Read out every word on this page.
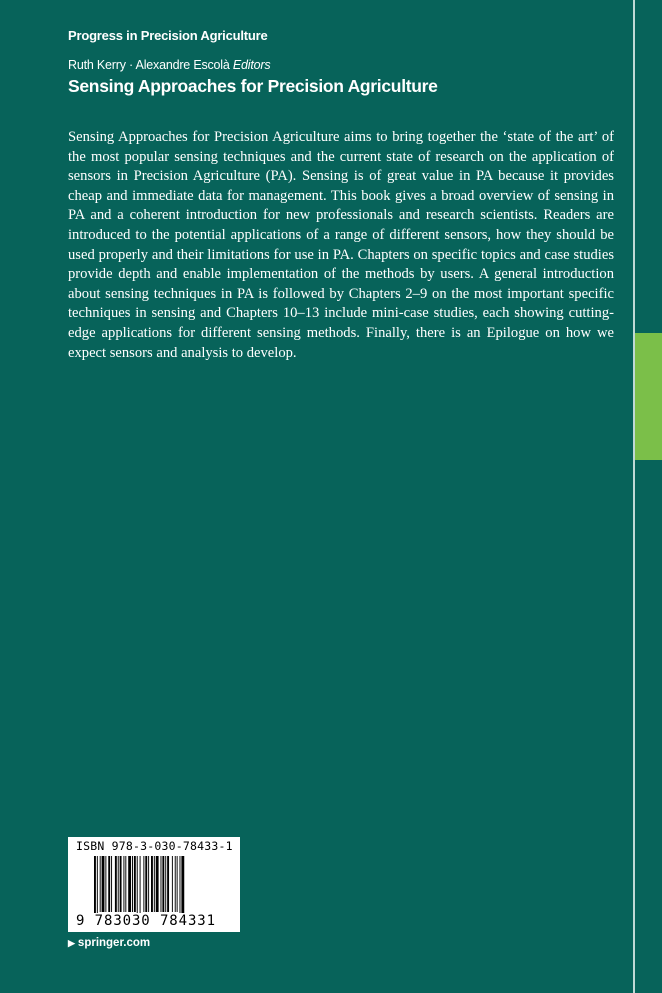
Progress in Precision Agriculture
Ruth Kerry · Alexandre Escolà Editors
Sensing Approaches for Precision Agriculture

Sensing Approaches for Precision Agriculture aims to bring together the ‘state of the art’ of the most popular sensing techniques and the current state of research on the application of sensors in Precision Agriculture (PA). Sensing is of great value in PA because it provides cheap and immediate data for management. This book gives a broad overview of sensing in PA and a coherent introduction for new professionals and research scientists. Readers are introduced to the potential applications of a range of different sensors, how they should be used properly and their limitations for use in PA. Chapters on specific topics and case studies provide depth and enable implementation of the methods by users. A general introduction about sensing techniques in PA is followed by Chapters 2–9 on the most important specific techniques in sensing and Chapters 10–13 include mini-case studies, each showing cutting-edge applications for different sensing methods. Finally, there is an Epilogue on how we expect sensors and analysis to develop.

ISBN 978-3-030-78433-1
9 783030 784331
▶ springer.com
